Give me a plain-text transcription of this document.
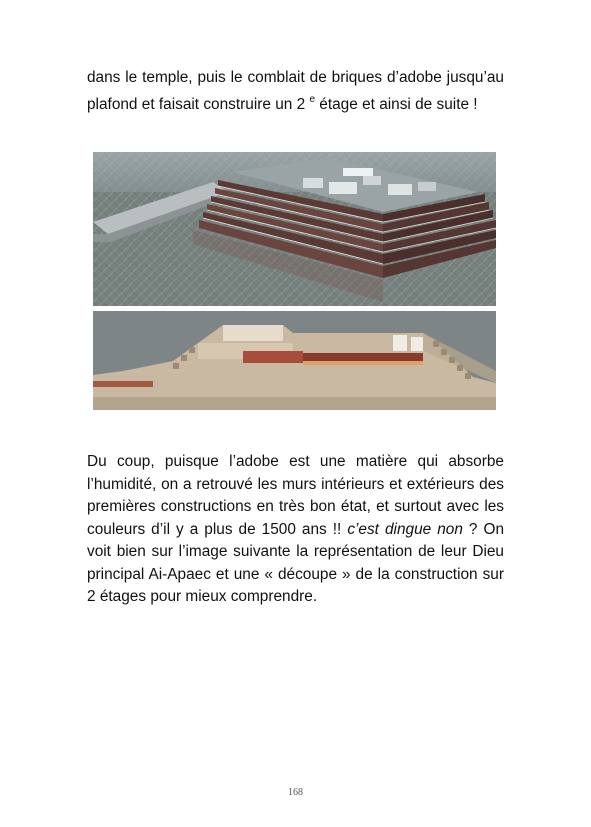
dans le temple, puis le comblait de briques d’adobe jusqu’au plafond et faisait construire un 2 $^e$ étage et ainsi de suite !

Du coup, puisque l’adobe est une matière qui absorbe l’humidité, on a retrouvé les murs intérieurs et extérieurs des premières constructions en très bon état, et surtout avec les couleurs d’il y a plus de 1500 ans !! c’est dingue non ? On voit bien sur l’image suivante la représentation de leur Dieu principal Ai-Apaec et une « découpe » de la construction sur 2 étages pour mieux comprendre.

168
